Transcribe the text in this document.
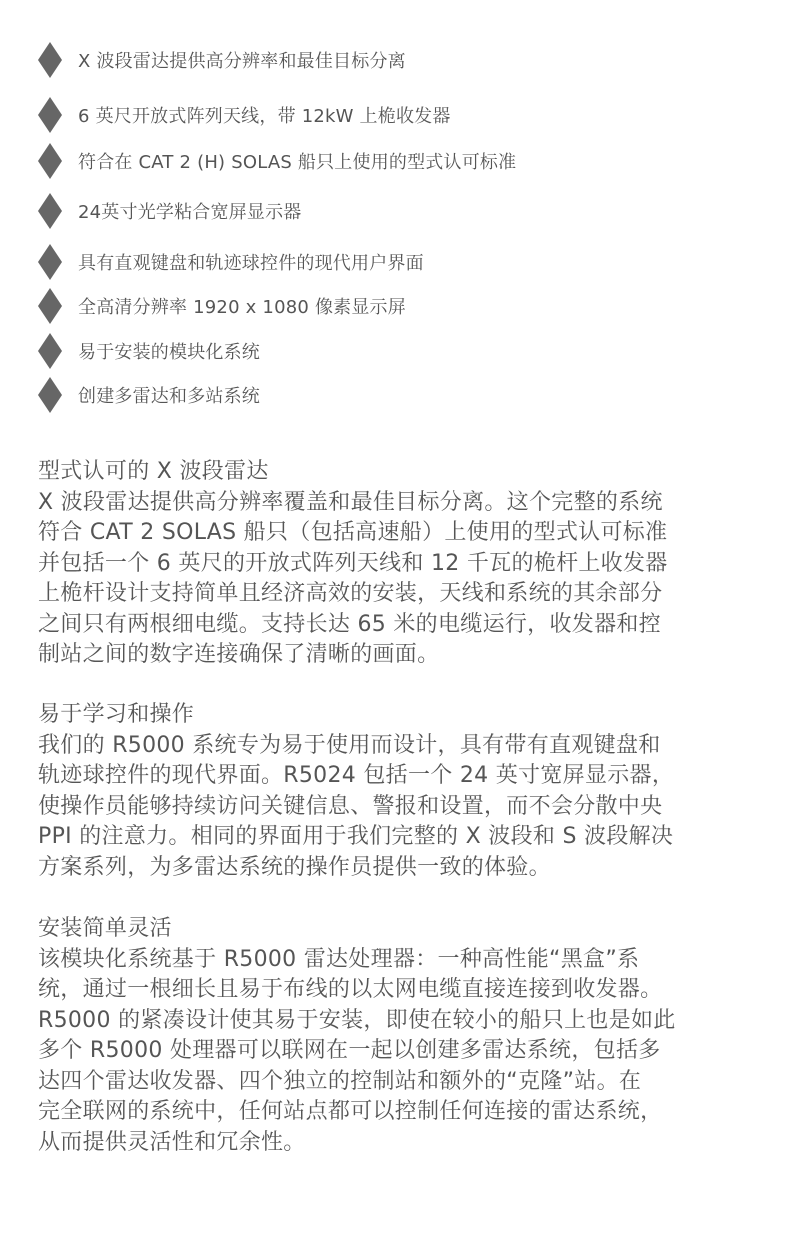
X 波段雷达提供高分辨率和最佳目标分离
6 英尺开放式阵列天线，带 12kW 上桅收发器
符合在 CAT 2 (H) SOLAS 船只上使用的型式认可标准
24英寸光学粘合宽屏显示器
具有直观键盘和轨迹球控件的现代用户界面
全高清分辨率 1920 x 1080 像素显示屏
易于安装的模块化系统
创建多雷达和多站系统
型式认可的 X 波段雷达
X 波段雷达提供高分辨率覆盖和最佳目标分离。这个完整的系统
符合 CAT 2 SOLAS 船只（包括高速船）上使用的型式认可标准
并包括一个 6 英尺的开放式阵列天线和 12 千瓦的桅杆上收发器
上桅杆设计支持简单且经济高效的安装，天线和系统的其余部分
之间只有两根细电缆。支持长达 65 米的电缆运行，收发器和控
制站之间的数字连接确保了清晰的画面。
易于学习和操作
我们的 R5000 系统专为易于使用而设计，具有带有直观键盘和
轨迹球控件的现代界面。R5024 包括一个 24 英寸宽屏显示器，
使操作员能够持续访问关键信息、警报和设置，而不会分散中央
PPI 的注意力。相同的界面用于我们完整的 X 波段和 S 波段解决
方案系列，为多雷达系统的操作员提供一致的体验。
安装简单灵活
该模块化系统基于 R5000 雷达处理器：一种高性能“黑盒”系
统，通过一根细长且易于布线的以太网电缆直接连接到收发器。
R5000 的紧凑设计使其易于安装，即使在较小的船只上也是如此
多个 R5000 处理器可以联网在一起以创建多雷达系统，包括多
达四个雷达收发器、四个独立的控制站和额外的“克隆”站。在
完全联网的系统中，任何站点都可以控制任何连接的雷达系统，
从而提供灵活性和冗余性。
